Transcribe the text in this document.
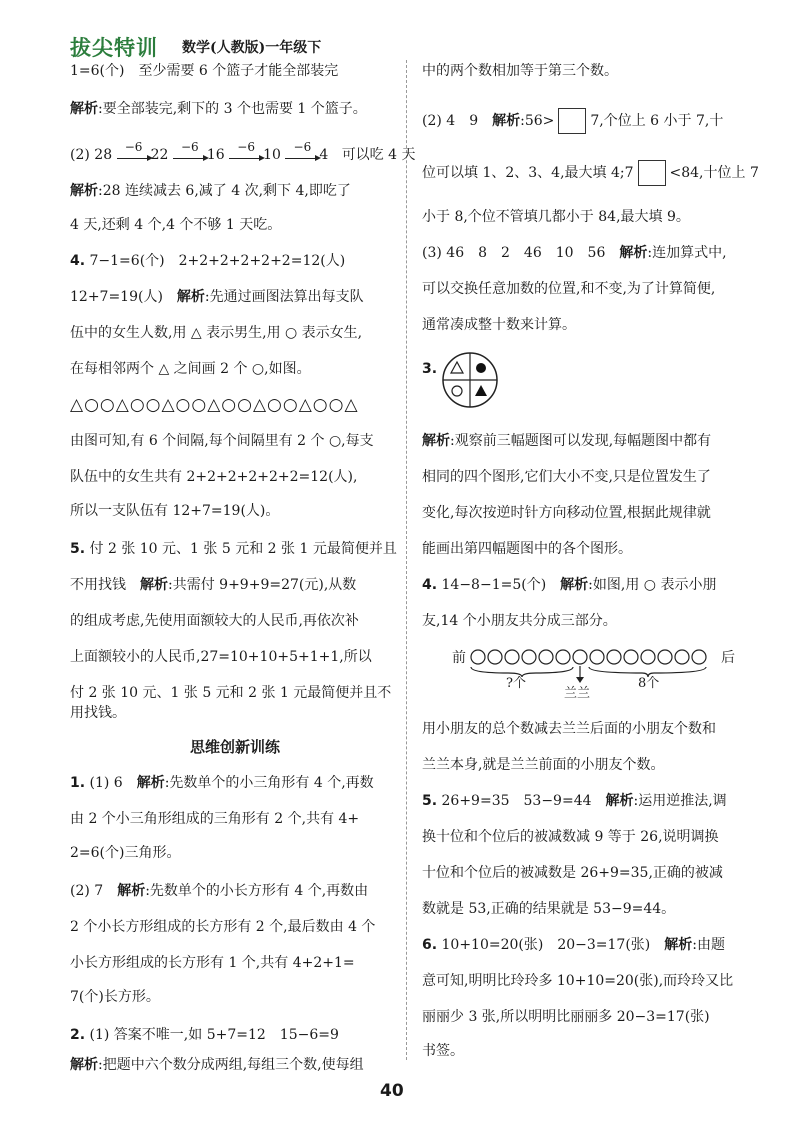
拔尖特训 数学(人教版)一年级下
1=6(个)　至少需要 6 个篮子才能全部装完
解析:要全部装完,剩下的 3 个也需要 1 个篮子。
(2) 28	−6 22	−6 16	−6 10	−6 4 可以吃 4 天
解析:28 连续减去 6,减了 4 次,剩下 4,即吃了
4 天,还剩 4 个,4 个不够 1 天吃。
4. 7−1=6(个)　2+2+2+2+2+2=12(人)
12+7=19(人)　解析:先通过画图法算出每支队
伍中的女生人数,用 △ 表示男生,用 ○ 表示女生,
在每相邻两个 △ 之间画 2 个 ○,如图。
△○○△○○△○○△○○△○○△○○△
由图可知,有 6 个间隔,每个间隔里有 2 个 ○,每支
队伍中的女生共有 2+2+2+2+2+2=12(人),
所以一支队伍有 12+7=19(人)。
5. 付 2 张 10 元、1 张 5 元和 2 张 1 元最简便并且
不用找钱　解析:共需付 9+9+9=27(元),从数
的组成考虑,先使用面额较大的人民币,再依次补
上面额较小的人民币,27=10+10+5+1+1,所以
付 2 张 10 元、1 张 5 元和 2 张 1 元最简便并且不
用找钱。
思维创新训练
1. (1) 6　解析:先数单个的小三角形有 4 个,再数
由 2 个小三角形组成的三角形有 2 个,共有 4+
2=6(个)三角形。
(2) 7　解析:先数单个的小长方形有 4 个,再数由
2 个小长方形组成的长方形有 2 个,最后数由 4 个
小长方形组成的长方形有 1 个,共有 4+2+1=
7(个)长方形。
2. (1) 答案不唯一,如 5+7=12　15−6=9
解析:把题中六个数分成两组,每组三个数,使每组
中的两个数相加等于第三个数。
(2) 4　9　解析:56>	7,个位上 6 小于 7,十
位可以填 1、2、3、4,最大填 4;7	<84,十位上 7
小于 8,个位不管填几都小于 84,最大填 9。
(3) 46　8　2　46　10　56　解析:连加算式中,
可以交换任意加数的位置,和不变,为了计算简便,
通常凑成整十数来计算。
3.
解析:观察前三幅题图可以发现,每幅题图中都有
相同的四个图形,它们大小不变,只是位置发生了
变化,每次按逆时针方向移动位置,根据此规律就
能画出第四幅题图中的各个图形。
4. 14−8−1=5(个)　解析:如图,用 ○ 表示小朋
友,14 个小朋友共分成三部分。
前	后
?个
兰兰
8个
用小朋友的总个数减去兰兰后面的小朋友个数和
兰兰本身,就是兰兰前面的小朋友个数。
5. 26+9=35　53−9=44　解析:运用逆推法,调
换十位和个位后的被减数减 9 等于 26,说明调换
十位和个位后的被减数是 26+9=35,正确的被减
数就是 53,正确的结果就是 53−9=44。
6. 10+10=20(张)　20−3=17(张)　解析:由题
意可知,明明比玲玲多 10+10=20(张),而玲玲又比
丽丽少 3 张,所以明明比丽丽多 20−3=17(张)
书签。
40
